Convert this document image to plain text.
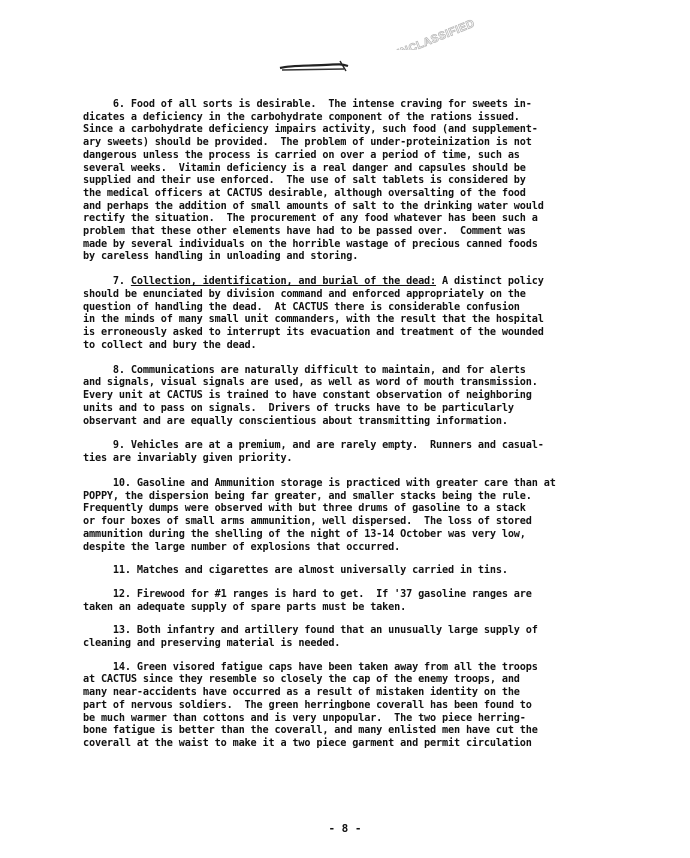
UNCLASSIFIED
6. Food of all sorts is desirable.  The intense craving for sweets in-
dicates a deficiency in the carbohydrate component of the rations issued.
Since a carbohydrate deficiency impairs activity, such food (and supplement-
ary sweets) should be provided.  The problem of under-proteinization is not
dangerous unless the process is carried on over a period of time, such as
several weeks.  Vitamin deficiency is a real danger and capsules should be
supplied and their use enforced.  The use of salt tablets is considered by
the medical officers at CACTUS desirable, although oversalting of the food
and perhaps the addition of small amounts of salt to the drinking water would
rectify the situation.  The procurement of any food whatever has been such a
problem that these other elements have had to be passed over.  Comment was
made by several individuals on the horrible wastage of precious canned foods
by careless handling in unloading and storing.
7. Collection, identification, and burial of the dead: A distinct policy

should be enunciated by division command and enforced appropriately on the
question of handling the dead.  At CACTUS there is considerable confusion
in the minds of many small unit commanders, with the result that the hospital
is erroneously asked to interrupt its evacuation and treatment of the wounded
to collect and bury the dead.
8. Communications are naturally difficult to maintain, and for alerts
and signals, visual signals are used, as well as word of mouth transmission.
Every unit at CACTUS is trained to have constant observation of neighboring
units and to pass on signals.  Drivers of trucks have to be particularly
observant and are equally conscientious about transmitting information.
9. Vehicles are at a premium, and are rarely empty.  Runners and casual-
ties are invariably given priority.
10. Gasoline and Ammunition storage is practiced with greater care than at
POPPY, the dispersion being far greater, and smaller stacks being the rule.
Frequently dumps were observed with but three drums of gasoline to a stack
or four boxes of small arms ammunition, well dispersed.  The loss of stored
ammunition during the shelling of the night of 13-14 October was very low,
despite the large number of explosions that occurred.
11. Matches and cigarettes are almost universally carried in tins.
12. Firewood for #1 ranges is hard to get.  If '37 gasoline ranges are
taken an adequate supply of spare parts must be taken.
13. Both infantry and artillery found that an unusually large supply of
cleaning and preserving material is needed.
14. Green visored fatigue caps have been taken away from all the troops
at CACTUS since they resemble so closely the cap of the enemy troops, and
many near-accidents have occurred as a result of mistaken identity on the
part of nervous soldiers.  The green herringbone coverall has been found to
be much warmer than cottons and is very unpopular.  The two piece herring-
bone fatigue is better than the coverall, and many enlisted men have cut the
coverall at the waist to make it a two piece garment and permit circulation
- 8 -
